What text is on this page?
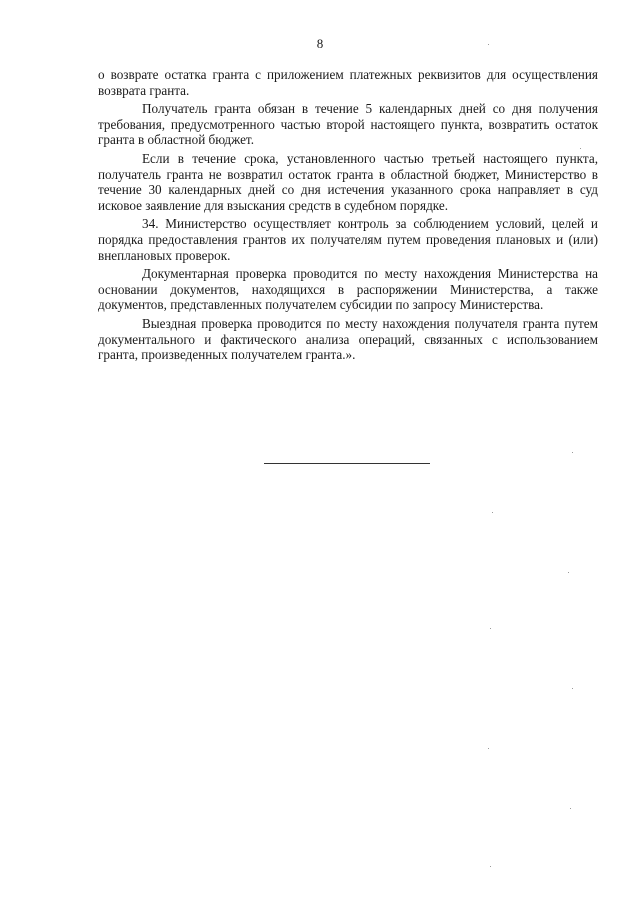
8

о возврате остатка гранта с приложением платежных реквизитов для осуществления возврата гранта.

Получатель гранта обязан в течение 5 календарных дней со дня получения требования, предусмотренного частью второй настоящего пункта, возвратить остаток гранта в областной бюджет.

Если в течение срока, установленного частью третьей настоящего пункта, получатель гранта не возвратил остаток гранта в областной бюджет, Министерство в течение 30 календарных дней со дня истечения указанного срока направляет в суд исковое заявление для взыскания средств в судебном порядке.

34. Министерство осуществляет контроль за соблюдением условий, целей и порядка предоставления грантов их получателям путем проведения плановых и (или) внеплановых проверок.

Документарная проверка проводится по месту нахождения Министерства на основании документов, находящихся в распоряжении Министерства, а также документов, представленных получателем субсидии по запросу Министерства.

Выездная проверка проводится по месту нахождения получателя гранта путем документального и фактического анализа операций, связанных с использованием гранта, произведенных получателем гранта.».
